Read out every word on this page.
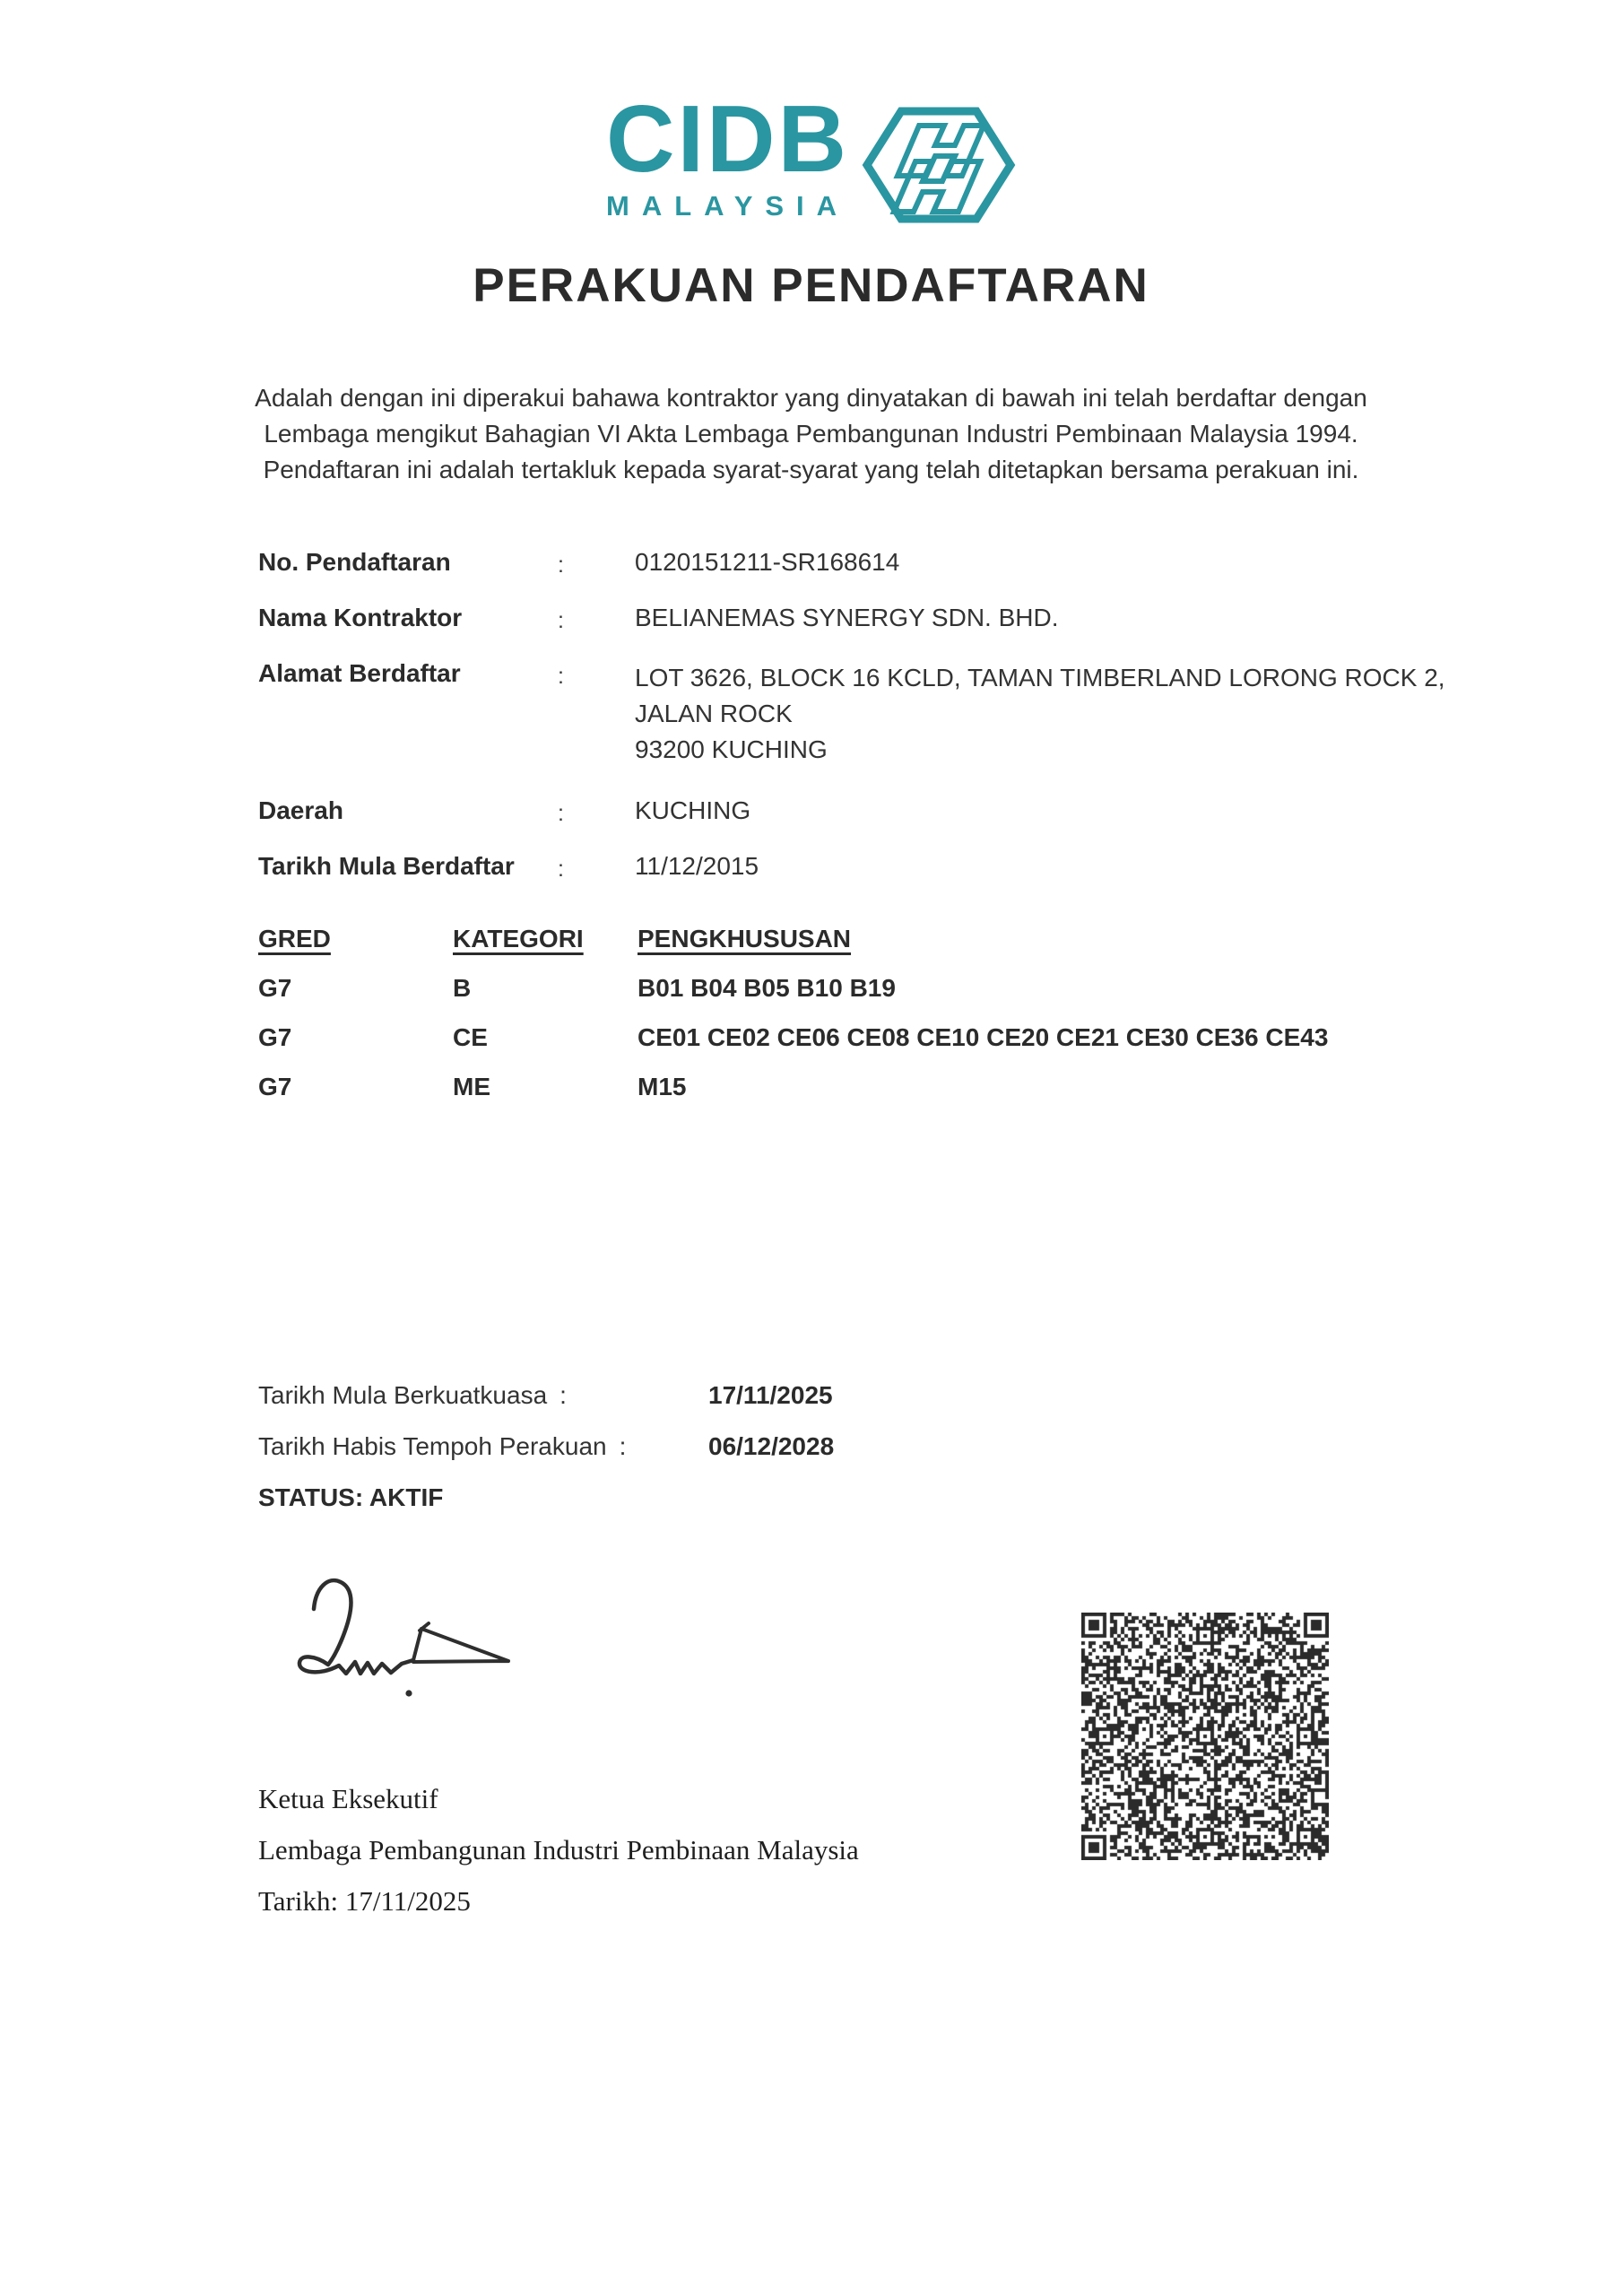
CIDB
MALAYSIA
PERAKUAN PENDAFTARAN
Adalah dengan ini diperakui bahawa kontraktor yang dinyatakan di bawah ini telah berdaftar dengan
Lembaga mengikut Bahagian VI Akta Lembaga Pembangunan Industri Pembinaan Malaysia 1994.
Pendaftaran ini adalah tertakluk kepada syarat-syarat yang telah ditetapkan bersama perakuan ini.
No. Pendaftaran	:	0120151211-SR168614
Nama Kontraktor	:	BELIANEMAS SYNERGY SDN. BHD.
Alamat Berdaftar	:	LOT 3626, BLOCK 16 KCLD, TAMAN TIMBERLAND LORONG ROCK 2, JALAN ROCK
93200 KUCHING
Daerah	:	KUCHING
Tarikh Mula Berdaftar	:	11/12/2015
GRED	KATEGORI	PENGKHUSUSAN
G7	B	B01 B04 B05 B10 B19
G7	CE	CE01 CE02 CE06 CE08 CE10 CE20 CE21 CE30 CE36 CE43
G7	ME	M15
Tarikh Mula Berkuatkuasa :	17/11/2025
Tarikh Habis Tempoh Perakuan :	06/12/2028
STATUS: AKTIF
Ketua Eksekutif
Lembaga Pembangunan Industri Pembinaan Malaysia
Tarikh: 17/11/2025
